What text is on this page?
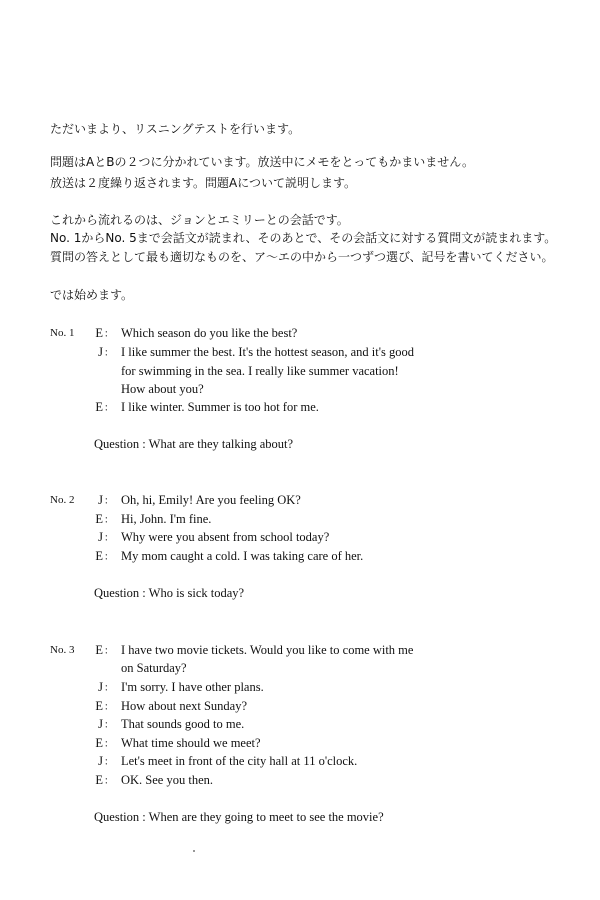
ただいまより、リスニングテストを行います。
問題はAとBの２つに分かれています。放送中にメモをとってもかまいません。
放送は２度繰り返されます。問題Aについて説明します。
これから流れるのは、ジョンとエミリーとの会話です。
No. 1からNo. 5まで会話文が読まれ、そのあとで、その会話文に対する質問文が読まれます。
質問の答えとして最も適切なものを、ア～エの中から一つずつ選び、記号を書いてください。
では始めます。
No. 1 E ：	Which season do you like the best?
J ：	I like summer the best. It's the hottest season, and it's good
for swimming in the sea. I really like summer vacation!
How about you?
E ：	I like winter. Summer is too hot for me.
Question : What are they talking about?
No. 2	J ：	Oh, hi, Emily! Are you feeling OK?
E ：	Hi, John. I'm fine.
J ：	Why were you absent from school today?
E ：	My mom caught a cold. I was taking care of her.
Question : Who is sick today?
No. 3 E ：	I have two movie tickets. Would you like to come with me
on Saturday?
J ：	I'm sorry. I have other plans.
E ：	How about next Sunday?
J ：	That sounds good to me.
E ：	What time should we meet?
J ：	Let's meet in front of the city hall at 11 o'clock.
E ：	OK. See you then.
Question : When are they going to meet to see the movie?
